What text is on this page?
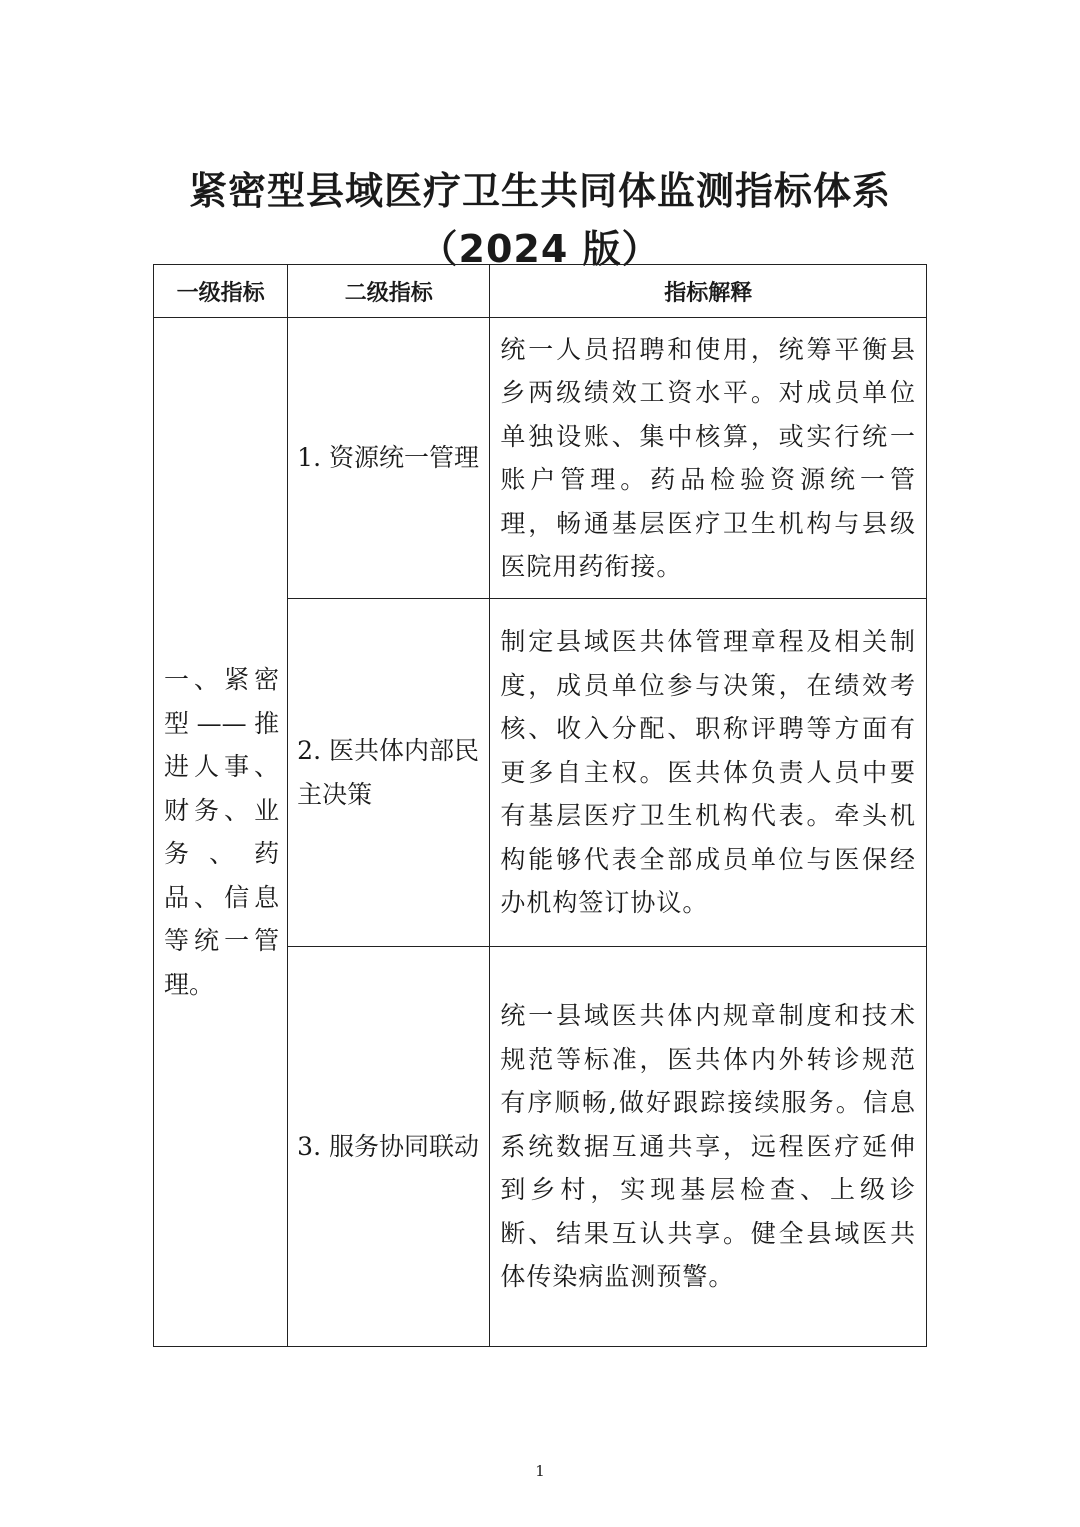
紧密型县域医疗卫生共同体监测指标体系
（2024 版）
一级指标	二级指标	指标解释
一、紧密型——推进人事、财务、业务、药品、信息等统一管理。	1. 资源统一管理	统一人员招聘和使用，统筹平衡县乡两级绩效工资水平。对成员单位单独设账、集中核算，或实行统一账户管理。药品检验资源统一管理，畅通基层医疗卫生机构与县级医院用药衔接。
	2. 医共体内部民主决策	制定县域医共体管理章程及相关制度，成员单位参与决策，在绩效考核、收入分配、职称评聘等方面有更多自主权。医共体负责人员中要有基层医疗卫生机构代表。牵头机构能够代表全部成员单位与医保经办机构签订协议。
	3. 服务协同联动	统一县域医共体内规章制度和技术规范等标准，医共体内外转诊规范有序顺畅,做好跟踪接续服务。信息系统数据互通共享，远程医疗延伸到乡村，实现基层检查、上级诊断、结果互认共享。健全县域医共体传染病监测预警。
1
